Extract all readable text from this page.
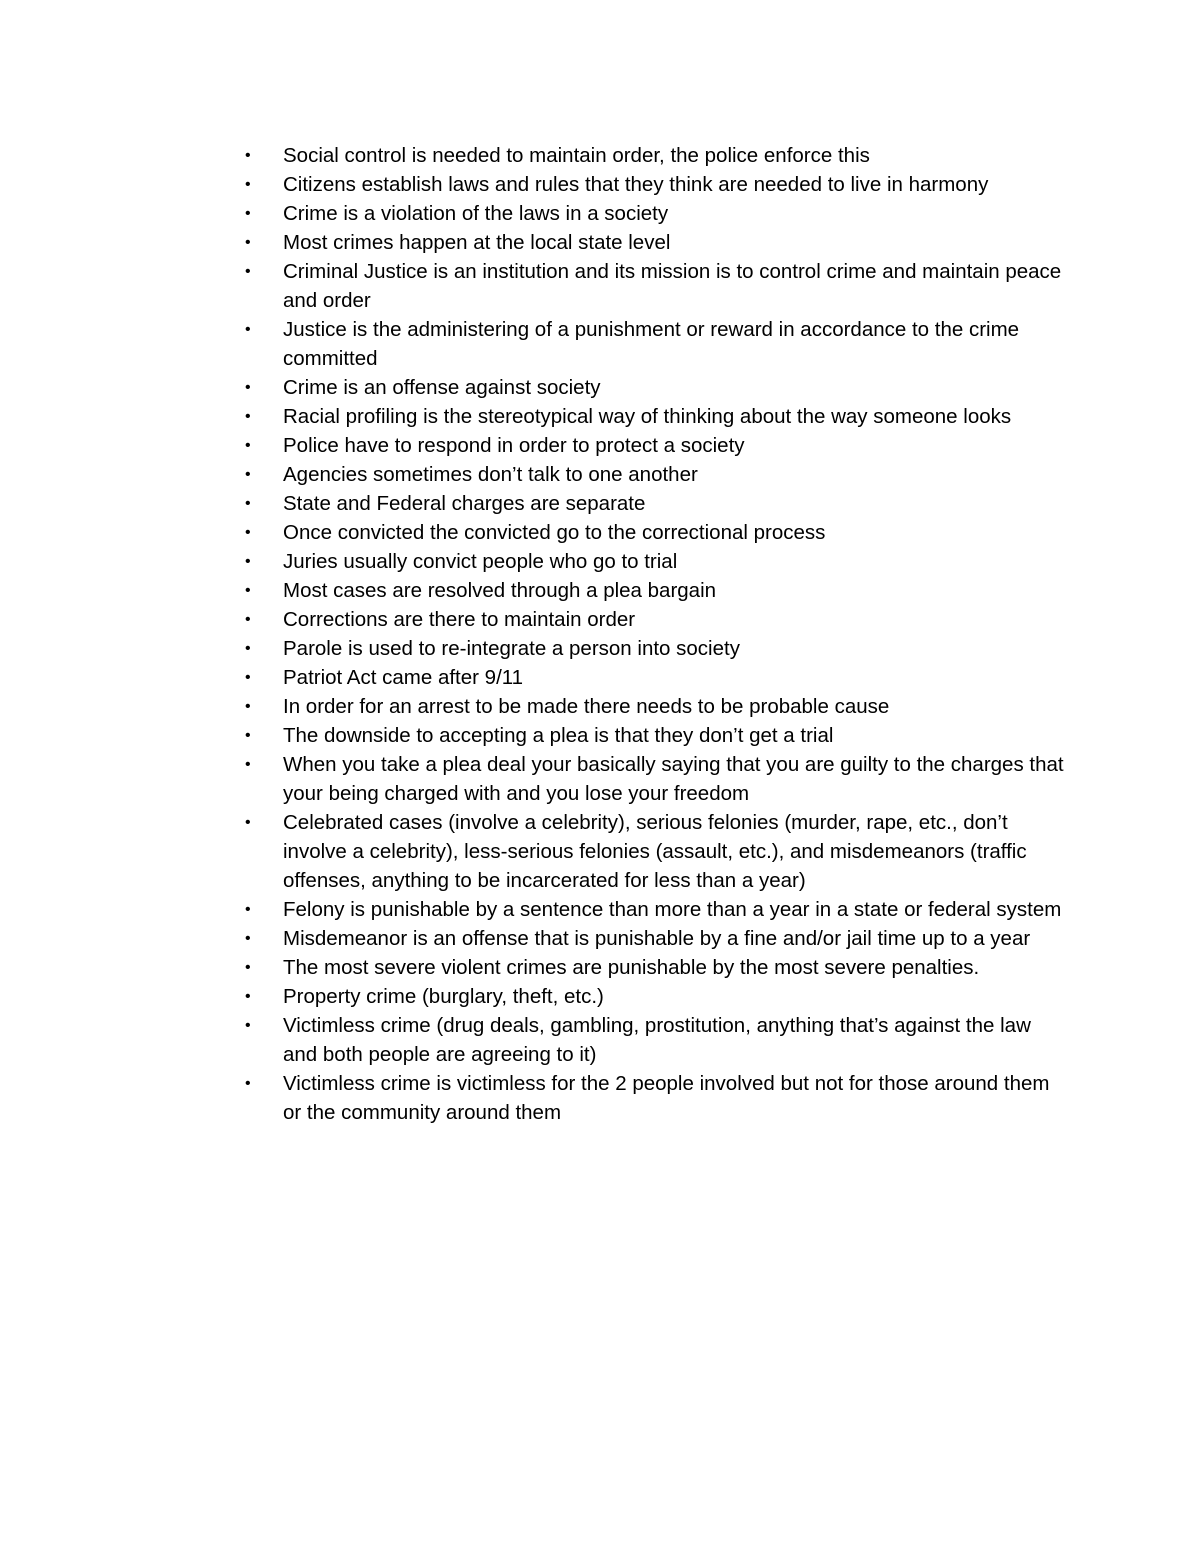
•	Social control is needed to maintain order, the police enforce this
•	Citizens establish laws and rules that they think are needed to live in harmony
•	Crime is a violation of the laws in a society
•	Most crimes happen at the local state level
•	Criminal Justice is an institution and its mission is to control crime and maintain peace and order
•	Justice is the administering of a punishment or reward in accordance to the crime committed
•	Crime is an offense against society
•	Racial profiling is the stereotypical way of thinking about the way someone looks
•	Police have to respond in order to protect a society
•	Agencies sometimes don’t talk to one another
•	State and Federal charges are separate
•	Once convicted the convicted go to the correctional process
•	Juries usually convict people who go to trial
•	Most cases are resolved through a plea bargain
•	Corrections are there to maintain order
•	Parole is used to re-integrate a person into society
•	Patriot Act came after 9/11
•	In order for an arrest to be made there needs to be probable cause
•	The downside to accepting a plea is that they don’t get a trial
•	When you take a plea deal your basically saying that you are guilty to the charges that your being charged with and you lose your freedom
•	Celebrated cases (involve a celebrity), serious felonies (murder, rape, etc., don’t involve a celebrity), less-serious felonies (assault, etc.), and misdemeanors (traffic offenses, anything to be incarcerated for less than a year)
•	Felony is punishable by a sentence than more than a year in a state or federal system
•	Misdemeanor is an offense that is punishable by a fine and/or jail time up to a year
•	The most severe violent crimes are punishable by the most severe penalties.
•	Property crime (burglary, theft, etc.)
•	Victimless crime (drug deals, gambling, prostitution, anything that’s against the law and both people are agreeing to it)
•	Victimless crime is victimless for the 2 people involved but not for those around them or the community around them
